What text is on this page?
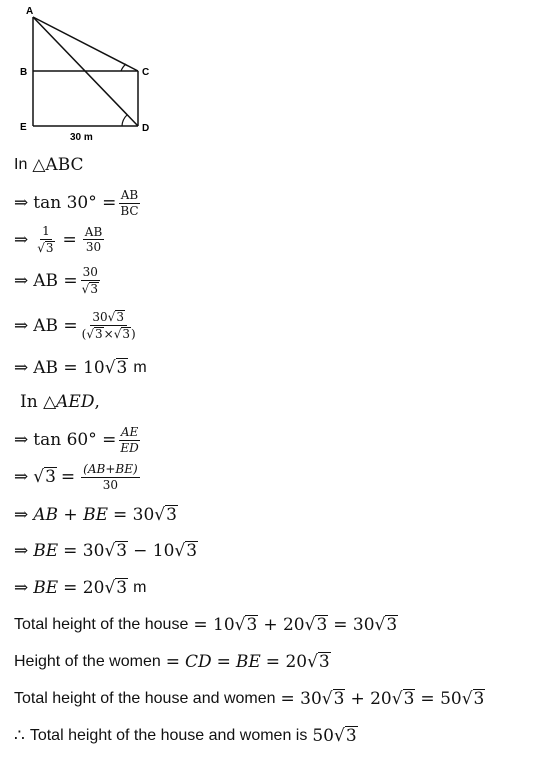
A
B	C
D
E
30 m
In △ ABC
⇒ $\tan 30^\circ = \frac{AB}{BC}$
⇒ $\frac{1}{√3} = \frac{AB}{30}$
⇒ AB = $\frac{30}{√3}$
⇒ AB = $\frac{30√3}{(√3\times√3)}$
⇒ AB = 10 √ 3 m
In △ AED ,
⇒ $\tan 60^\circ = \frac{AE}{ED}$
⇒ √ $3 = \frac{(AB+BE)}{30}$
⇒ AB + BE = 30 √ 3
⇒ BE = 30 √ 3 − 10 √ 3
⇒ BE = 20 √ 3 m
Total height of the house = 10 √ 3 + 20 √ 3 = 30 √ 3
Height of the women = CD = BE = 20 √ 3
Total height of the house and women = 30 √ 3 + 20 √ 3 = 50 √ 3
∴ Total height of the house and women is 50 √ 3
